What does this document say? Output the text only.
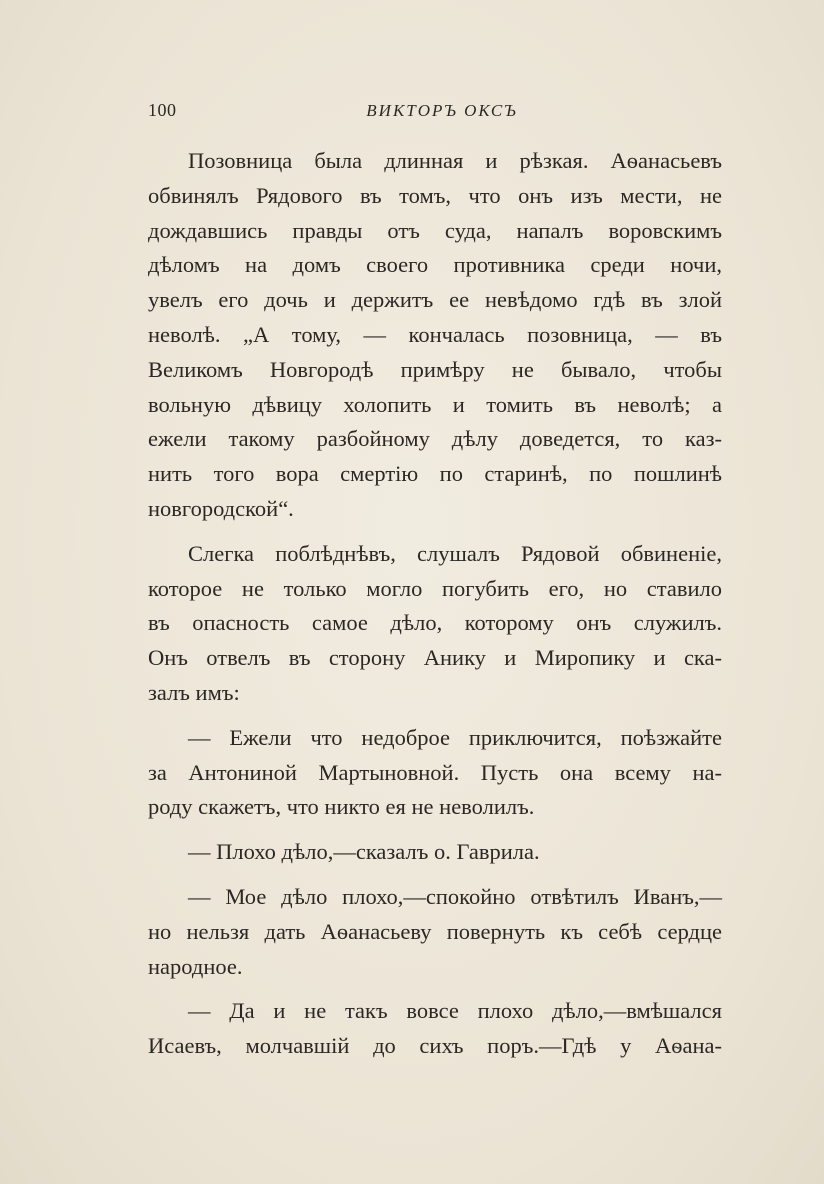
100	ВИКТОРЪ ОКСЪ
Позовница была длинная и рѣзкая. Аѳанасьевъ
обвинялъ Рядового въ томъ, что онъ изъ мести, не
дождавшись правды отъ суда, напалъ воровскимъ
дѣломъ на домъ своего противника среди ночи,
увелъ его дочь и держитъ ее невѣдомо гдѣ въ злой
неволѣ. „А тому, — кончалась позовница, — въ
Великомъ Новгородѣ примѣру не бывало, чтобы
вольную дѣвицу холопить и томить въ неволѣ; а
ежели такому разбойному дѣлу доведется, то каз-
нить того вора смертію по старинѣ, по пошлинѣ
новгородской“.
Слегка поблѣднѣвъ, слушалъ Рядовой обвиненіе,
которое не только могло погубить его, но ставило
въ опасность самое дѣло, которому онъ служилъ.
Онъ отвелъ въ сторону Анику и Миропику и ска-
залъ имъ:
— Ежели что недоброе приключится, поѣзжайте
за Антониной Мартыновной. Пусть она всему на-
роду скажетъ, что никто ея не неволилъ.
— Плохо дѣло,—сказалъ о. Гаврила.
— Мое дѣло плохо,—спокойно отвѣтилъ Иванъ,—
но нельзя дать Аѳанасьеву повернуть къ себѣ сердце
народное.
— Да и не такъ вовсе плохо дѣло,—вмѣшался
Исаевъ, молчавшій до сихъ поръ.—Гдѣ у Аѳана-
